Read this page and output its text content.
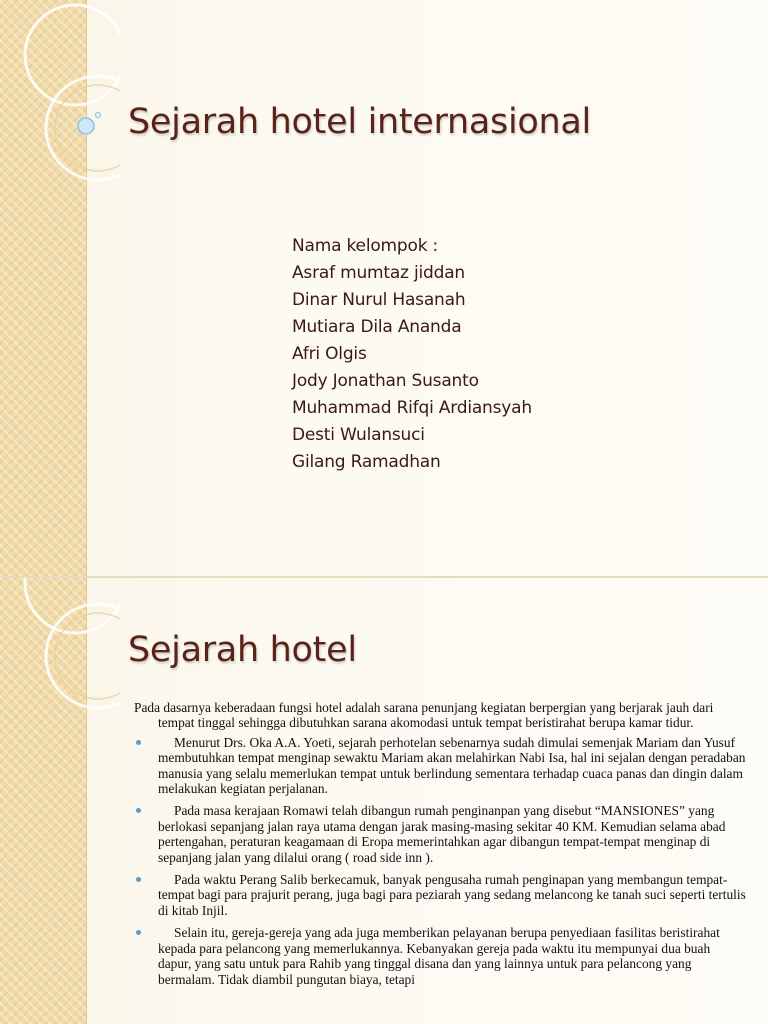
Sejarah hotel internasional
Nama kelompok :
Asraf mumtaz jiddan
Dinar Nurul Hasanah
Mutiara Dila Ananda
Afri Olgis
Jody Jonathan Susanto
Muhammad Rifqi Ardiansyah
Desti Wulansuci
Gilang Ramadhan
Sejarah hotel

Pada dasarnya keberadaan fungsi hotel adalah sarana penunjang kegiatan berpergian yang berjarak jauh dari tempat tinggal sehingga dibutuhkan sarana akomodasi untuk tempat beristirahat berupa kamar tidur.

Menurut Drs. Oka A.A. Yoeti, sejarah perhotelan sebenarnya sudah dimulai semenjak Mariam dan Yusuf membutuhkan tempat menginap sewaktu Mariam akan melahirkan Nabi Isa, hal ini sejalan dengan peradaban manusia yang selalu memerlukan tempat untuk berlindung sementara terhadap cuaca panas dan dingin dalam melakukan kegiatan perjalanan.
Pada masa kerajaan Romawi telah dibangun rumah penginanpan yang disebut “MANSIONES” yang berlokasi sepanjang jalan raya utama dengan jarak masing-masing sekitar 40 KM. Kemudian selama abad pertengahan, peraturan keagamaan di Eropa memerintahkan agar dibangun tempat-tempat menginap di sepanjang jalan yang dilalui orang ( road side inn ).
Pada waktu Perang Salib berkecamuk, banyak pengusaha rumah penginapan yang membangun tempat-tempat bagi para prajurit perang, juga bagi para peziarah yang sedang melancong ke tanah suci seperti tertulis di kitab Injil.
Selain itu, gereja-gereja yang ada juga memberikan pelayanan berupa penyediaan fasilitas beristirahat kepada para pelancong yang memerlukannya. Kebanyakan gereja pada waktu itu mempunyai dua buah dapur, yang satu untuk para Rahib yang tinggal disana dan yang lainnya untuk para pelancong yang bermalam. Tidak diambil pungutan biaya, tetapi
